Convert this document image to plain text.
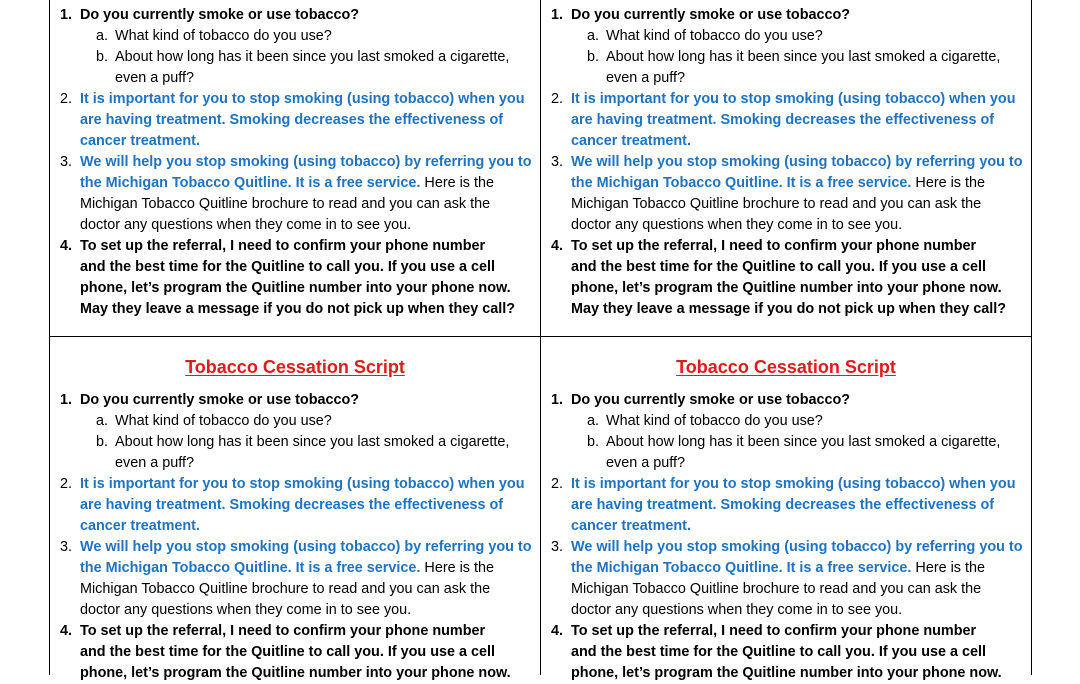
1. Do you currently smoke or use tobacco?
a. What kind of tobacco do you use?
b. About how long has it been since you last smoked a cigarette,
even a puff?
2. It is important for you to stop smoking (using tobacco) when you
are having treatment. Smoking decreases the effectiveness of
cancer treatment.
3. We will help you stop smoking (using tobacco) by referring you to
the Michigan Tobacco Quitline. It is a free service. Here is the
Michigan Tobacco Quitline brochure to read and you can ask the
doctor any questions when they come in to see you.
4. To set up the referral, I need to confirm your phone number
and the best time for the Quitline to call you. If you use a cell
phone, let’s program the Quitline number into your phone now.
May they leave a message if you do not pick up when they call?
1. Do you currently smoke or use tobacco?
a. What kind of tobacco do you use?
b. About how long has it been since you last smoked a cigarette,
even a puff?
2. It is important for you to stop smoking (using tobacco) when you
are having treatment. Smoking decreases the effectiveness of
cancer treatment.
3. We will help you stop smoking (using tobacco) by referring you to
the Michigan Tobacco Quitline. It is a free service. Here is the
Michigan Tobacco Quitline brochure to read and you can ask the
doctor any questions when they come in to see you.
4. To set up the referral, I need to confirm your phone number
and the best time for the Quitline to call you. If you use a cell
phone, let’s program the Quitline number into your phone now.
May they leave a message if you do not pick up when they call?
Tobacco Cessation Script
1. Do you currently smoke or use tobacco?
a. What kind of tobacco do you use?
b. About how long has it been since you last smoked a cigarette,
even a puff?
2. It is important for you to stop smoking (using tobacco) when you
are having treatment. Smoking decreases the effectiveness of
cancer treatment.
3. We will help you stop smoking (using tobacco) by referring you to
the Michigan Tobacco Quitline. It is a free service. Here is the
Michigan Tobacco Quitline brochure to read and you can ask the
doctor any questions when they come in to see you.
4. To set up the referral, I need to confirm your phone number
and the best time for the Quitline to call you. If you use a cell
phone, let’s program the Quitline number into your phone now.
Tobacco Cessation Script
1. Do you currently smoke or use tobacco?
a. What kind of tobacco do you use?
b. About how long has it been since you last smoked a cigarette,
even a puff?
2. It is important for you to stop smoking (using tobacco) when you
are having treatment. Smoking decreases the effectiveness of
cancer treatment.
3. We will help you stop smoking (using tobacco) by referring you to
the Michigan Tobacco Quitline. It is a free service. Here is the
Michigan Tobacco Quitline brochure to read and you can ask the
doctor any questions when they come in to see you.
4. To set up the referral, I need to confirm your phone number
and the best time for the Quitline to call you. If you use a cell
phone, let’s program the Quitline number into your phone now.
